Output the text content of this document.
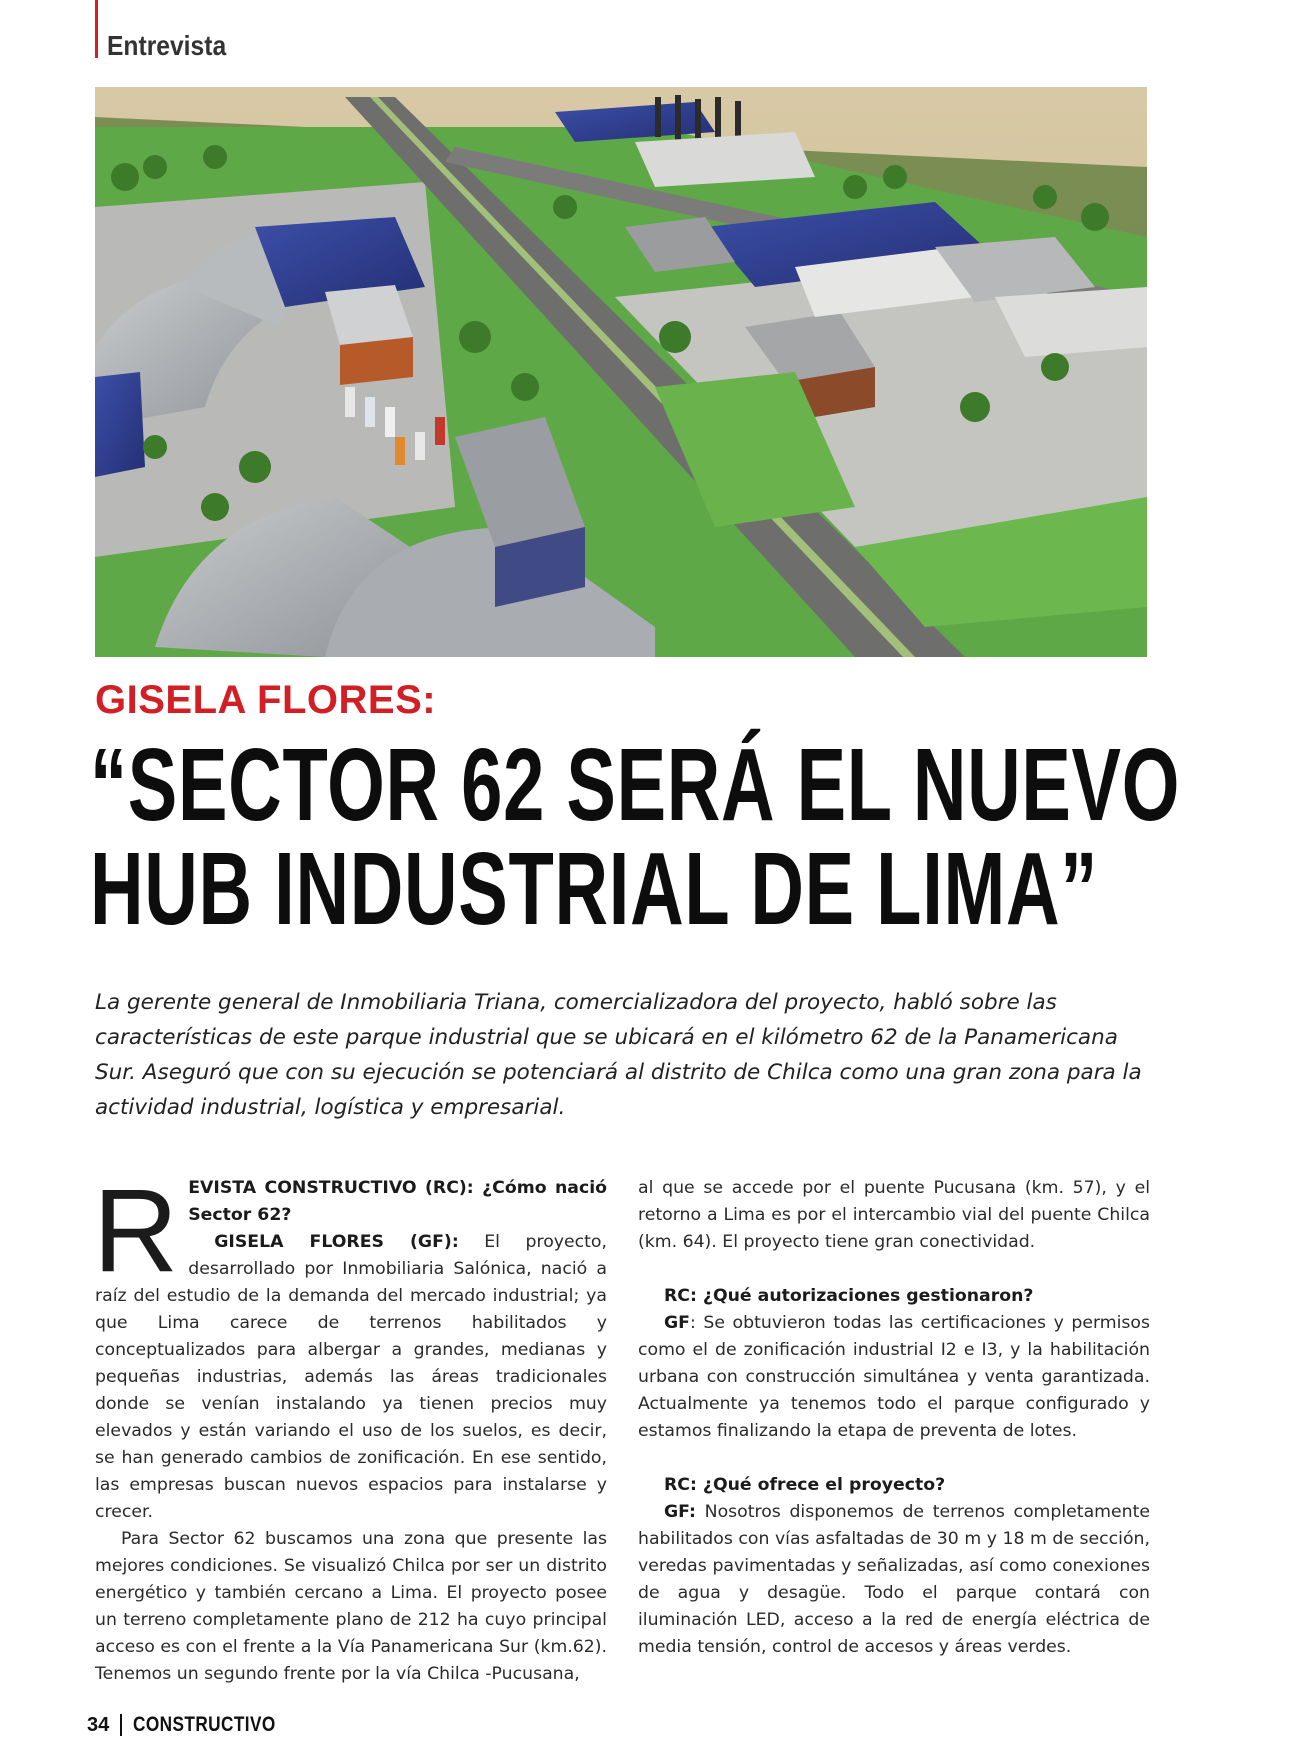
Entrevista
GISELA FLORES:
“SECTOR 62 SERÁ EL NUEVO
HUB INDUSTRIAL DE LIMA”
La gerente general de Inmobiliaria Triana, comercializadora del proyecto, habló sobre las características de este parque industrial que se ubicará en el kilómetro 62 de la Panamericana Sur. Aseguró que con su ejecución se potenciará al distrito de Chilca como una gran zona para la actividad industrial, logística y empresarial.

REVISTA CONSTRUCTIVO (RC): ¿Cómo nació Sector 62?
GISELA FLORES (GF): El proyecto, desarrollado por Inmobiliaria Salónica, nació a raíz del estudio de la demanda del mercado industrial; ya que Lima carece de terrenos habilitados y conceptualizados para albergar a grandes, medianas y pequeñas industrias, además las áreas tradicionales donde se venían instalando ya tienen precios muy elevados y están variando el uso de los suelos, es decir, se han generado cambios de zonificación. En ese sentido, las empresas buscan nuevos espacios para instalarse y crecer.

Para Sector 62 buscamos una zona que presente las mejores condiciones. Se visualizó Chilca por ser un distrito energético y también cercano a Lima. El proyecto posee un terreno completamente plano de 212 ha cuyo principal acceso es con el frente a la Vía Panamericana Sur (km.62). Tenemos un segundo frente por la vía Chilca -Pucusana,

al que se accede por el puente Pucusana (km. 57), y el retorno a Lima es por el intercambio vial del puente Chilca (km. 64). El proyecto tiene gran conectividad.

RC: ¿Qué autorizaciones gestionaron?

GF: Se obtuvieron todas las certificaciones y permisos como el de zonificación industrial I2 e I3, y la habilitación urbana con construcción simultánea y venta garantizada. Actualmente ya tenemos todo el parque configurado y estamos finalizando la etapa de preventa de lotes.

RC: ¿Qué ofrece el proyecto?

GF: Nosotros disponemos de terrenos completamente habilitados con vías asfaltadas de 30 m y 18 m de sección, veredas pavimentadas y señalizadas, así como conexiones de agua y desagüe. Todo el parque contará con iluminación LED, acceso a la red de energía eléctrica de media tensión, control de accesos y áreas verdes.

34 CONSTRUCTIVO
